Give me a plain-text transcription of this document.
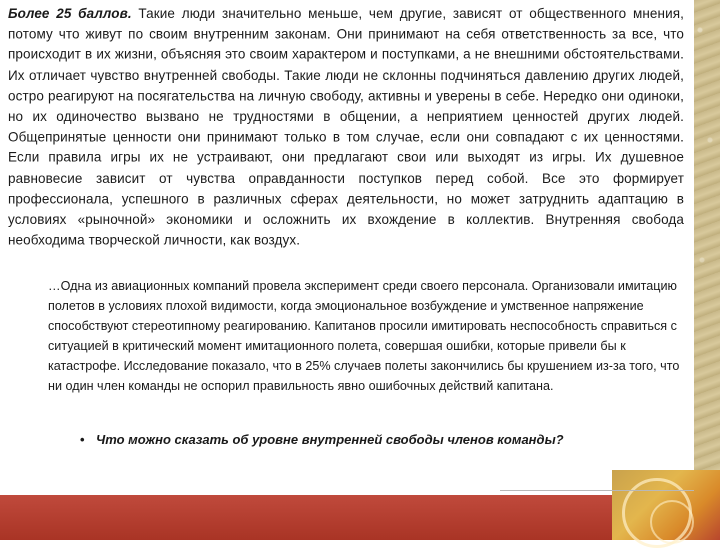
Более 25 баллов. Такие люди значительно меньше, чем другие, зависят от общественного мнения, потому что живут по своим внутренним законам. Они принимают на себя ответственность за все, что происходит в их жизни, объясняя это своим характером и поступками, а не внешними обстоятельствами. Их отличает чувство внутренней свободы. Такие люди не склонны подчиняться давлению других людей, остро реагируют на посягательства на личную свободу, активны и уверены в себе. Нередко они одиноки, но их одиночество вызвано не трудностями в общении, а неприятием ценностей других людей. Общепринятые ценности они принимают только в том случае, если они совпадают с их ценностями. Если правила игры их не устраивают, они предлагают свои или выходят из игры. Их душевное равновесие зависит от чувства оправданности поступков перед собой. Все это формирует профессионала, успешного в различных сферах деятельности, но может затруднить адаптацию в условиях «рыночной» экономики и осложнить их вхождение в коллектив. Внутренняя свобода необходима творческой личности, как воздух.
…Одна из авиационных компаний провела эксперимент среди своего персонала. Организовали имитацию полетов в условиях плохой видимости, когда эмоциональное возбуждение и умственное напряжение способствуют стереотипному реагированию. Капитанов просили имитировать неспособность справиться с ситуацией в критический момент имитационного полета, совершая ошибки, которые привели бы к катастрофе. Исследование показало, что в 25% случаев полеты закончились бы крушением из-за того, что ни один член команды не оспорил правильность явно ошибочных действий капитана.
• Что можно сказать об уровне внутренней свободы членов команды?
